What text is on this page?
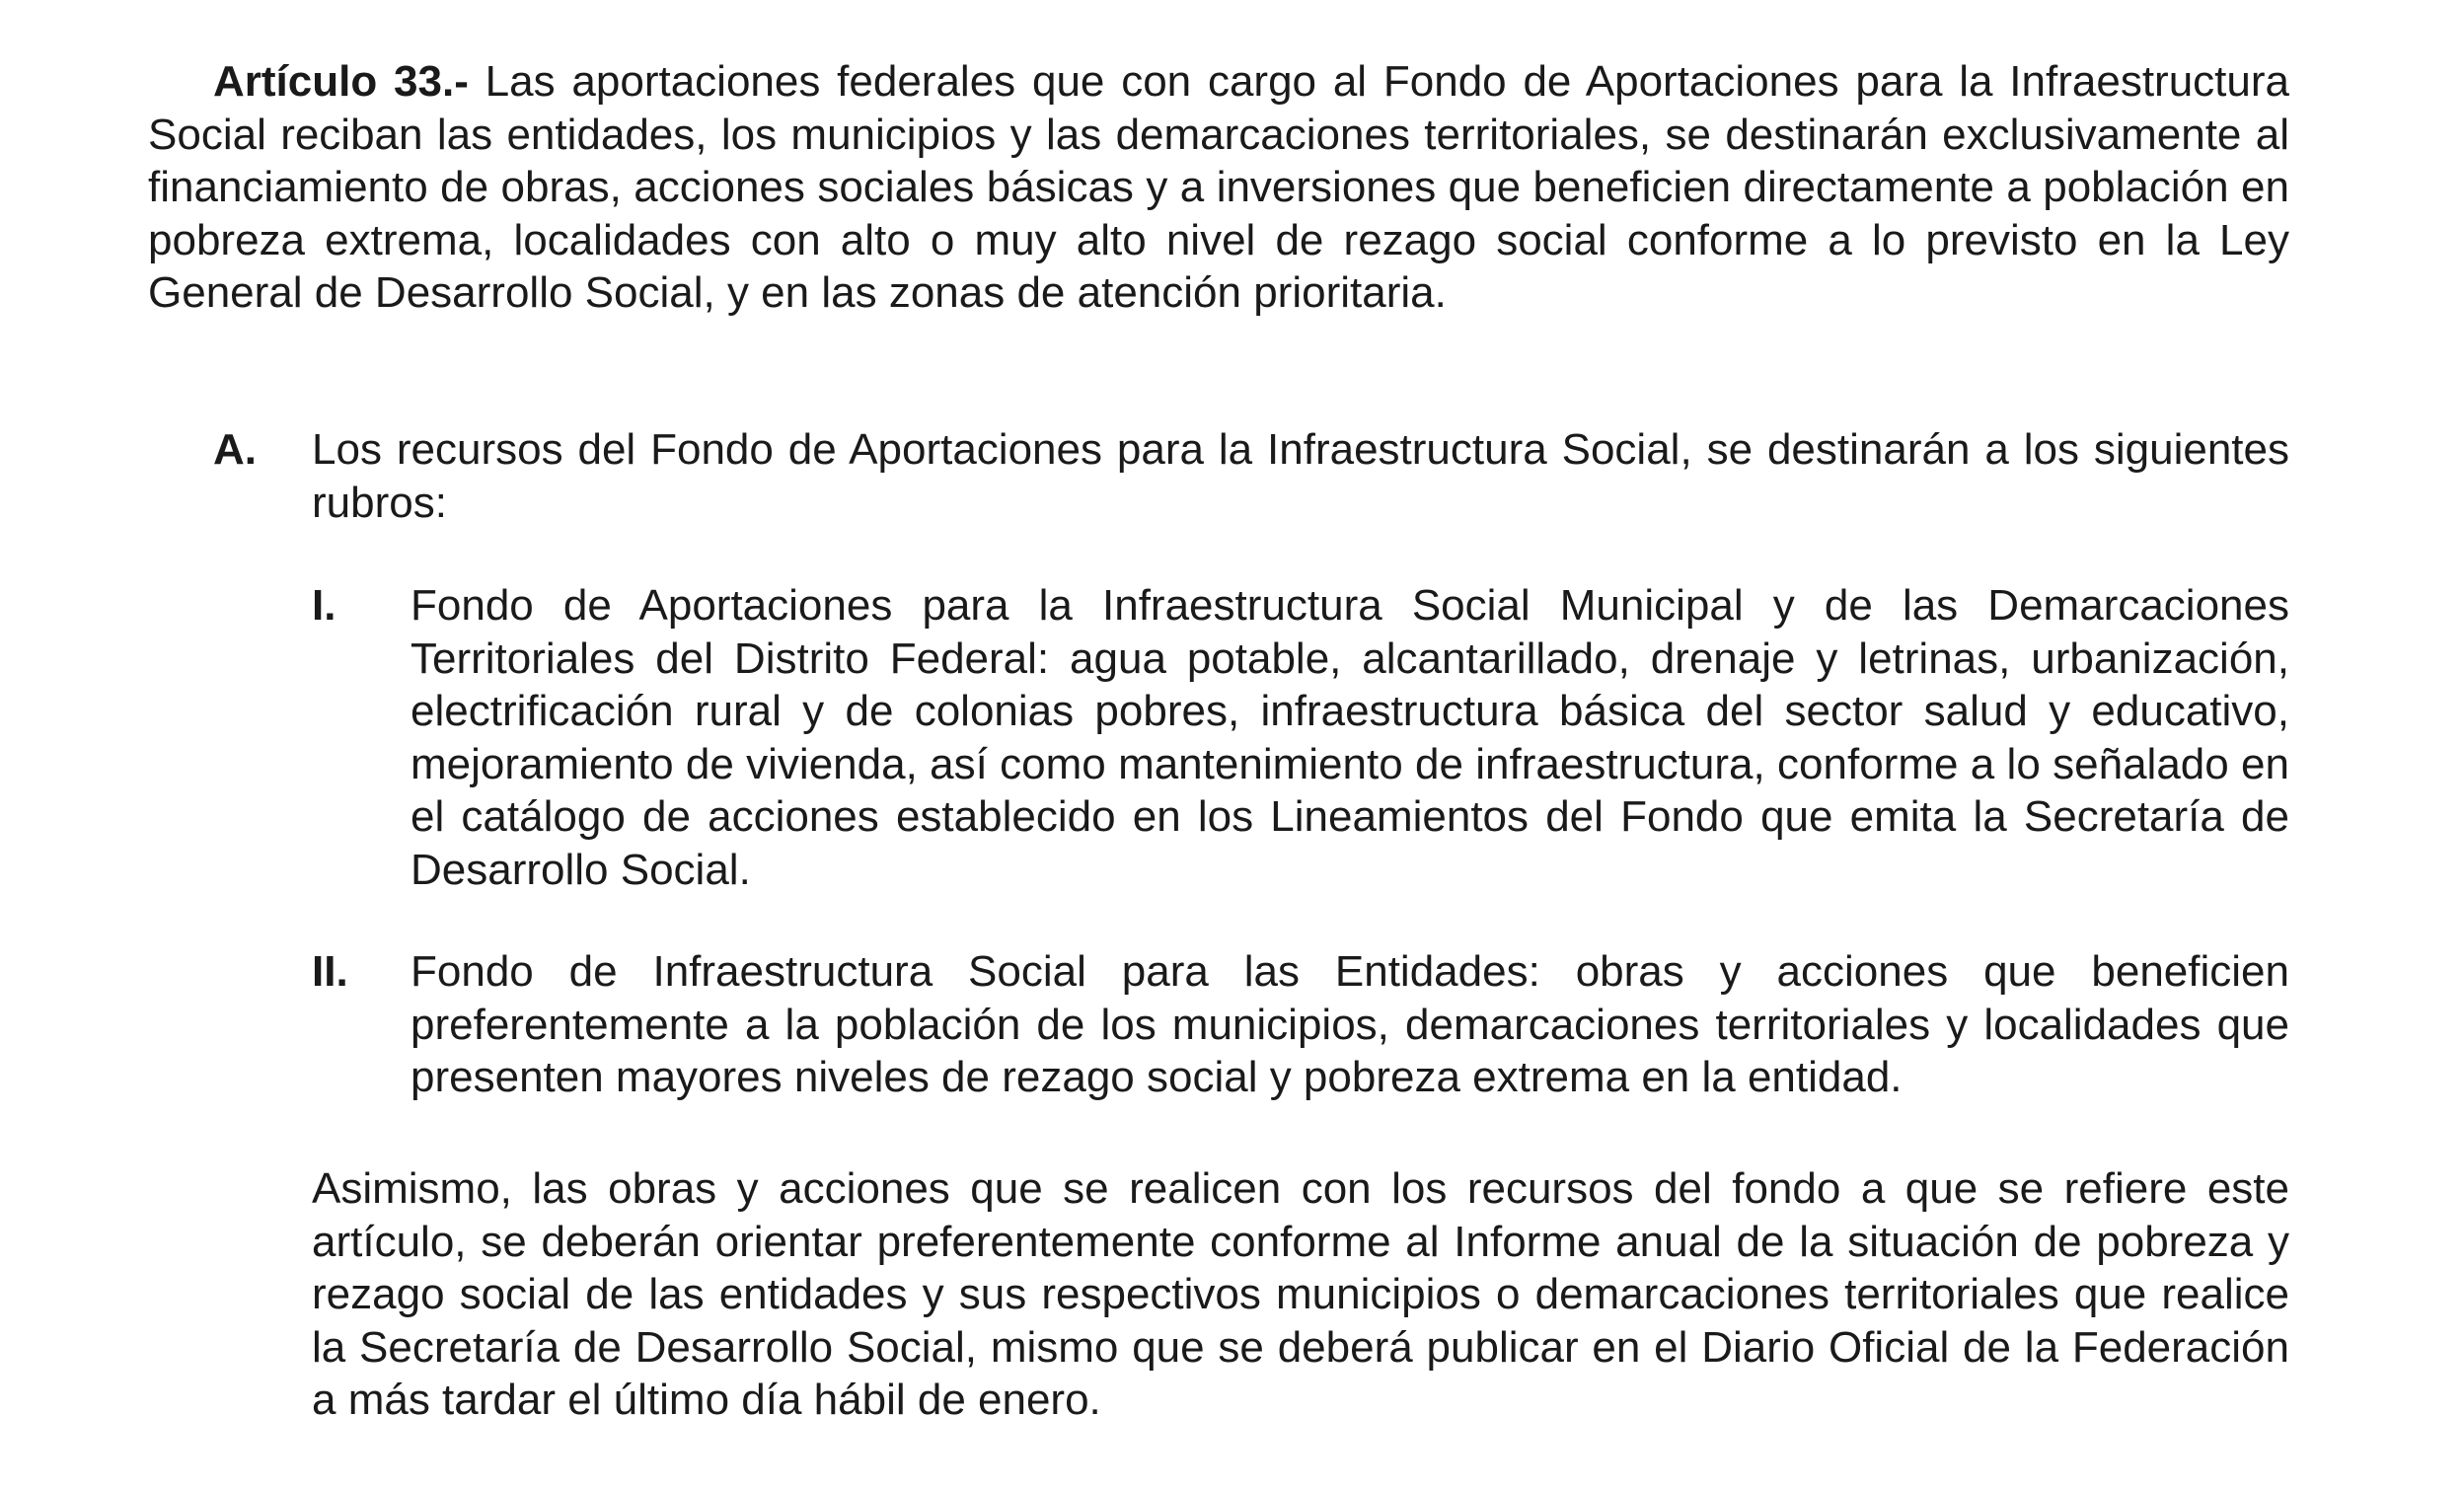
Artículo 33.- Las aportaciones federales que con cargo al Fondo de Aportaciones para la Infraestructura Social reciban las entidades, los municipios y las demarcaciones territoriales, se destinarán exclusivamente al financiamiento de obras, acciones sociales básicas y a inversiones que beneficien directamente a población en pobreza extrema, localidades con alto o muy alto nivel de rezago social conforme a lo previsto en la Ley General de Desarrollo Social, y en las zonas de atención prioritaria.

A. Los recursos del Fondo de Aportaciones para la Infraestructura Social, se destinarán a los siguientes rubros:

I. Fondo de Aportaciones para la Infraestructura Social Municipal y de las Demarcaciones Territoriales del Distrito Federal: agua potable, alcantarillado, drenaje y letrinas, urbanización, electrificación rural y de colonias pobres, infraestructura básica del sector salud y educativo, mejoramiento de vivienda, así como mantenimiento de infraestructura, conforme a lo señalado en el catálogo de acciones establecido en los Lineamientos del Fondo que emita la Secretaría de Desarrollo Social.

II. Fondo de Infraestructura Social para las Entidades: obras y acciones que beneficien preferentemente a la población de los municipios, demarcaciones territoriales y localidades que presenten mayores niveles de rezago social y pobreza extrema en la entidad.

Asimismo, las obras y acciones que se realicen con los recursos del fondo a que se refiere este artículo, se deberán orientar preferentemente conforme al Informe anual de la situación de pobreza y rezago social de las entidades y sus respectivos municipios o demarcaciones territoriales que realice la Secretaría de Desarrollo Social, mismo que se deberá publicar en el Diario Oficial de la Federación a más tardar el último día hábil de enero.
